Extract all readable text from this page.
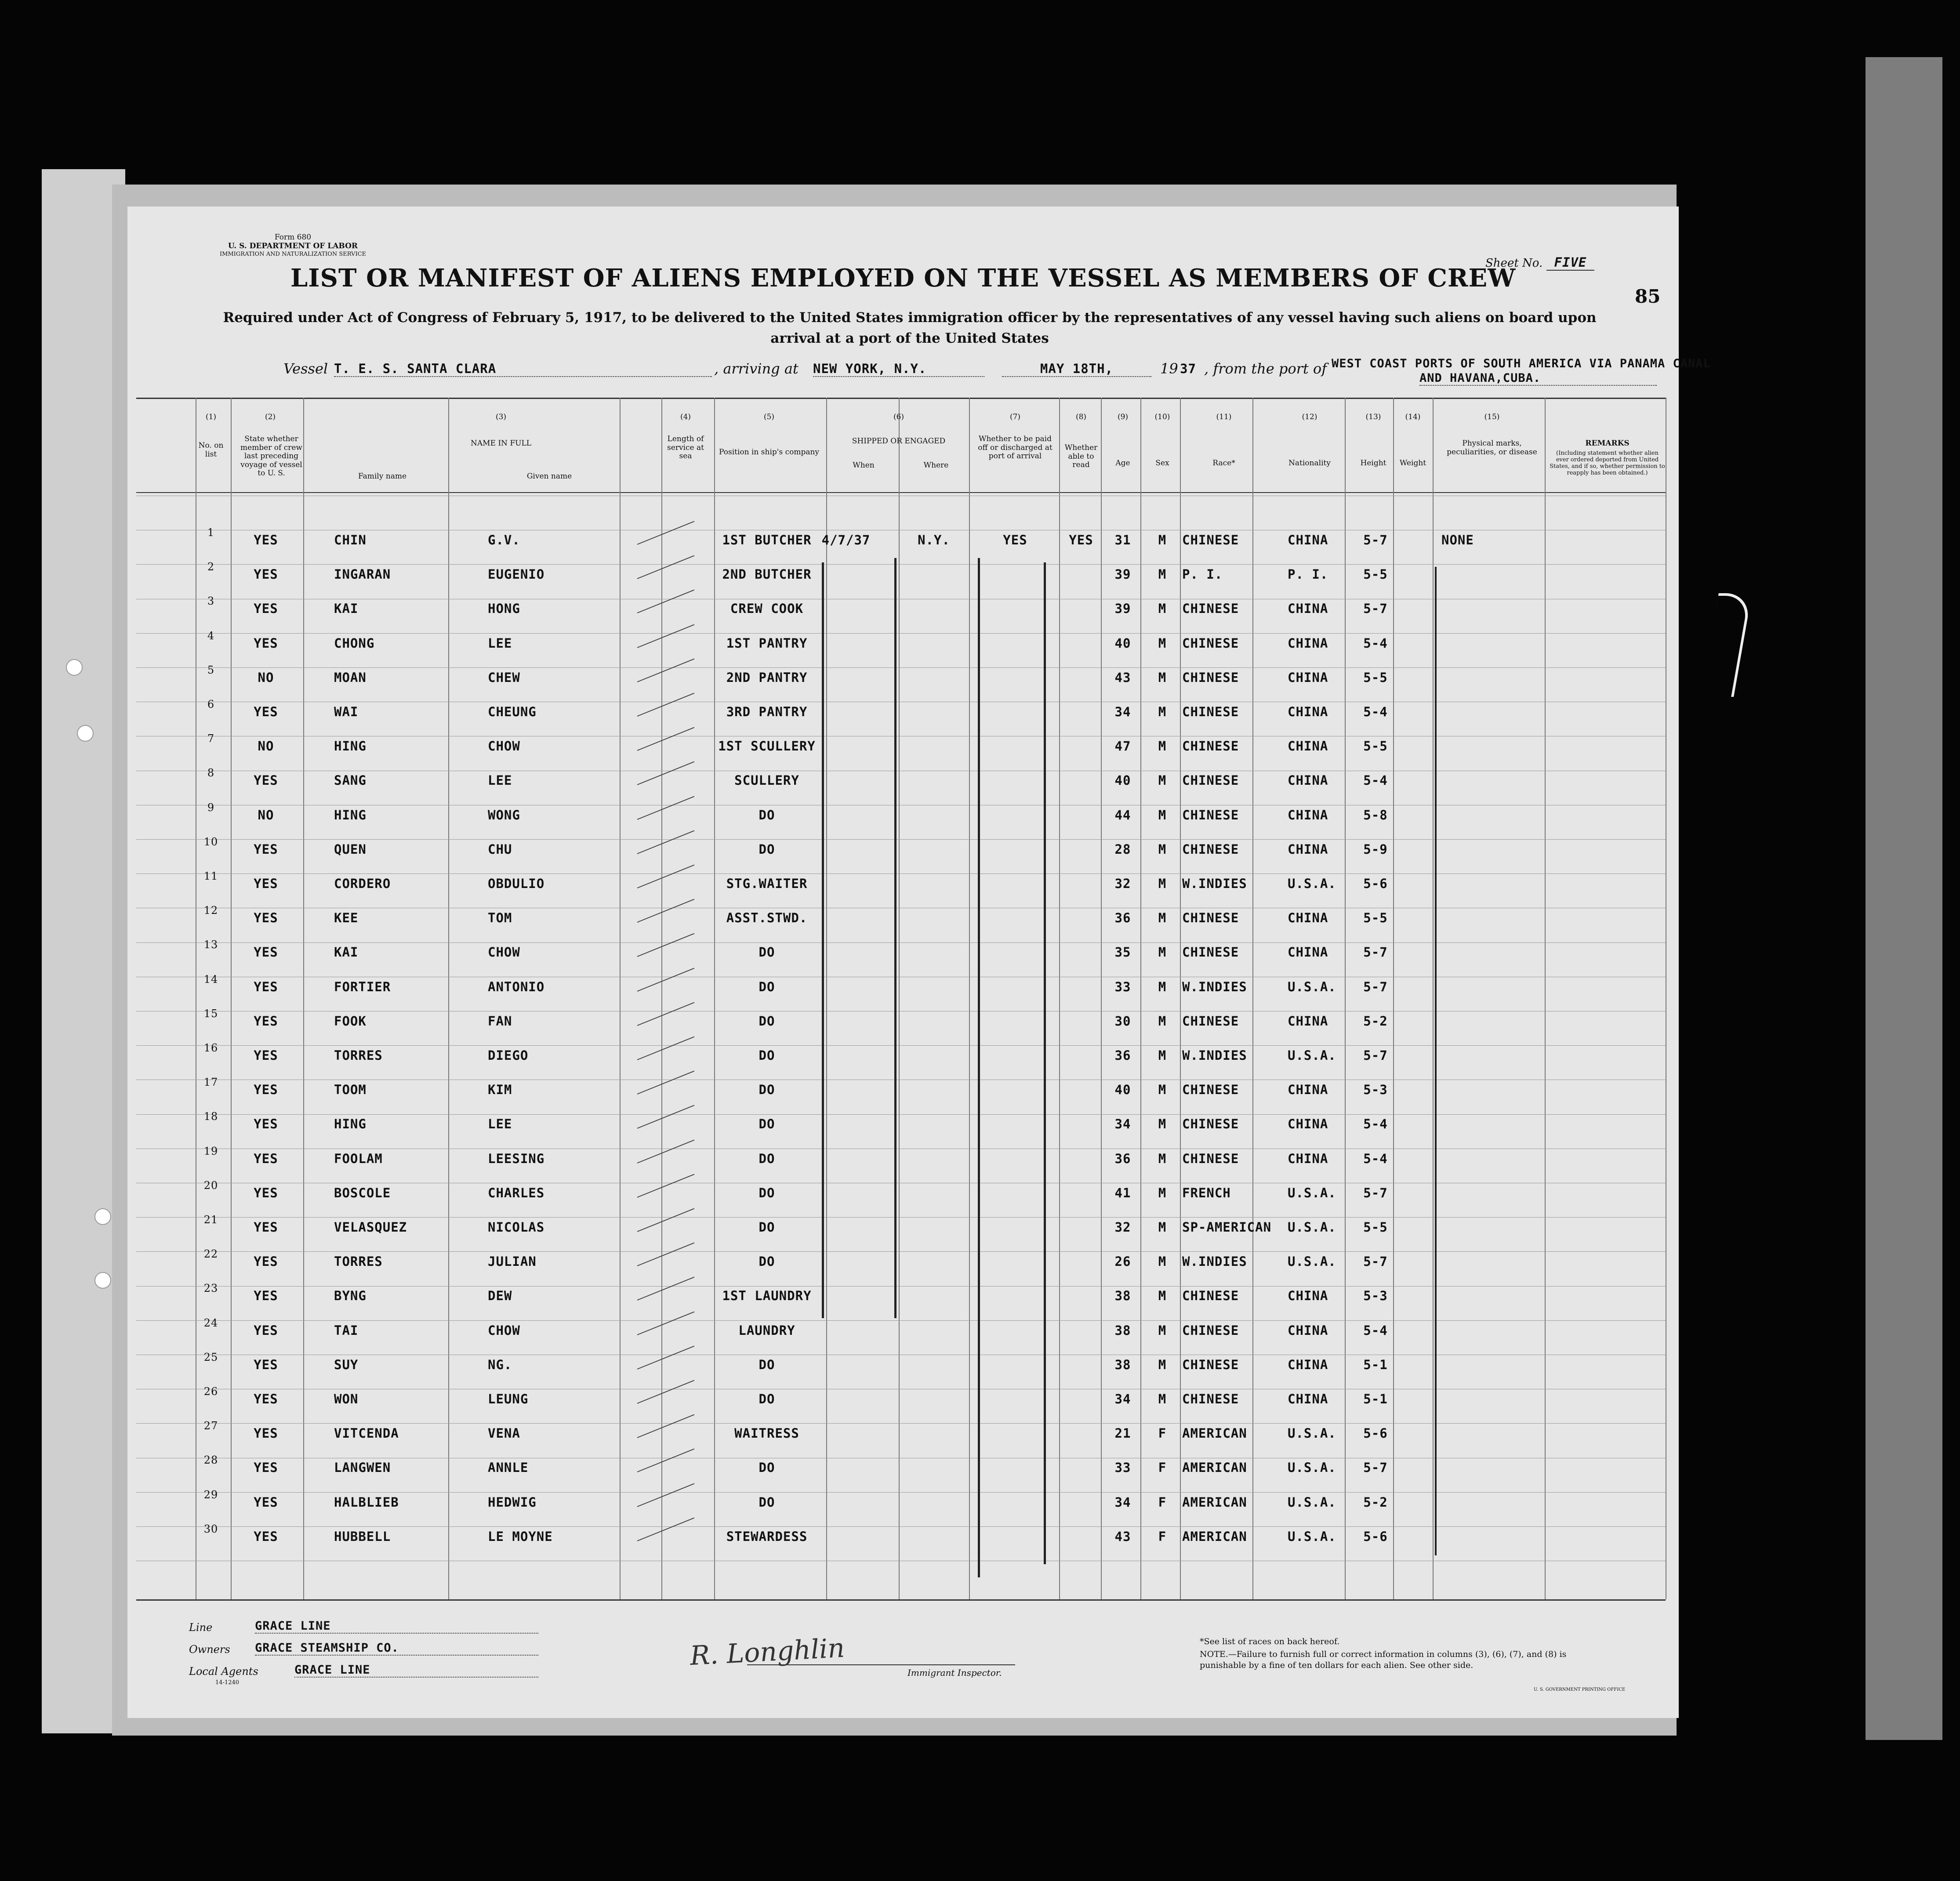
Form 680
U. S. DEPARTMENT OF LABOR
IMMIGRATION AND NATURALIZATION SERVICE
Sheet No. FIVE
85
LIST OR MANIFEST OF ALIENS EMPLOYED ON THE VESSEL AS MEMBERS OF CREW
Required under Act of Congress of February 5, 1917, to be delivered to the United States immigration officer by the representatives of any vessel having such aliens on board upon arrival at a port of the United States
Vessel T. E. S. SANTA CLARA	, arriving at NEW YORK, N.Y.	MAY 18TH,	19 37 , from the port of WEST COAST PORTS OF SOUTH AMERICA VIA PANAMA CANAL
AND HAVANA,CUBA.
(1)
No. on list
(2)
State whether member of crew last preceding voyage of vessel to U. S.
(3)
NAME IN FULL
Family name	Given name
(4)
Length of service at sea
(5)
Position in ship's company
(6)
SHIPPED OR ENGAGED
When	Where
(7)
Whether to be paid off or discharged at port of arrival
(8)
Whether able to read
(9)
Age
(10)
Sex
(11)
Race*
(12)
Nationality
(13)
Height
(14)
Weight
(15)
Physical marks, peculiarities, or disease
REMARKS
(Including statement whether alien ever ordered deported from United States, and if so, whether permission to reapply has been obtained.)
1	YES	CHIN	G.V.	1ST BUTCHER 4/7/37	N.Y.	YES	YES	31	M	CHINESE	CHINA	5-7	NONE
2	YES	INGARAN	EUGENIO	2ND BUTCHER	39	M	P. I.	P. I.	5-5
3	YES	KAI	HONG	CREW COOK	39	M	CHINESE	CHINA	5-7
4	YES	CHONG	LEE	1ST PANTRY	40	M	CHINESE	CHINA	5-4
5	NO	MOAN	CHEW	2ND PANTRY	43	M	CHINESE	CHINA	5-5
6	YES	WAI	CHEUNG	3RD PANTRY	34	M	CHINESE	CHINA	5-4
7	NO	HING	CHOW	1ST SCULLERY	47	M	CHINESE	CHINA	5-5
8	YES	SANG	LEE	SCULLERY	40	M	CHINESE	CHINA	5-4
9	NO	HING	WONG	DO	44	M	CHINESE	CHINA	5-8
10	YES	QUEN	CHU	DO	28	M	CHINESE	CHINA	5-9
11	YES	CORDERO	OBDULIO	STG.WAITER	32	M	W.INDIES	U.S.A.	5-6
12	YES	KEE	TOM	ASST.STWD.	36	M	CHINESE	CHINA	5-5
13	YES	KAI	CHOW	DO	35	M	CHINESE	CHINA	5-7
14	YES	FORTIER	ANTONIO	DO	33	M	W.INDIES	U.S.A.	5-7
15	YES	FOOK	FAN	DO	30	M	CHINESE	CHINA	5-2
16	YES	TORRES	DIEGO	DO	36	M	W.INDIES	U.S.A.	5-7
17	YES	TOOM	KIM	DO	40	M	CHINESE	CHINA	5-3
18	YES	HING	LEE	DO	34	M	CHINESE	CHINA	5-4
19	YES	FOOLAM	LEESING	DO	36	M	CHINESE	CHINA	5-4
20	YES	BOSCOLE	CHARLES	DO	41	M	FRENCH	U.S.A.	5-7
21	YES	VELASQUEZ	NICOLAS	DO	32	M	SP-AMERICAN	U.S.A.	5-5
22	YES	TORRES	JULIAN	DO	26	M	W.INDIES	U.S.A.	5-7
23	YES	BYNG	DEW	1ST LAUNDRY	38	M	CHINESE	CHINA	5-3
24	YES	TAI	CHOW	LAUNDRY	38	M	CHINESE	CHINA	5-4
25	YES	SUY	NG.	DO	38	M	CHINESE	CHINA	5-1
26	YES	WON	LEUNG	DO	34	M	CHINESE	CHINA	5-1
27	YES	VITCENDA	VENA	WAITRESS	21	F	AMERICAN	U.S.A.	5-6
28	YES	LANGWEN	ANNLE	DO	33	F	AMERICAN	U.S.A.	5-7
29	YES	HALBLIEB	HEDWIG	DO	34	F	AMERICAN	U.S.A.	5-2
30	YES	HUBBELL	LE MOYNE	STEWARDESS	43	F	AMERICAN	U.S.A.	5-6
Line	GRACE LINE
Owners GRACE STEAMSHIP CO.
Local Agents	GRACE LINE
14-1240
R. Longhlin
Immigrant Inspector.
*See list of races on back hereof.
NOTE.—Failure to furnish full or correct information in columns (3), (6), (7), and (8) is punishable by a fine of ten dollars for each alien. See other side.
U. S. GOVERNMENT PRINTING OFFICE
